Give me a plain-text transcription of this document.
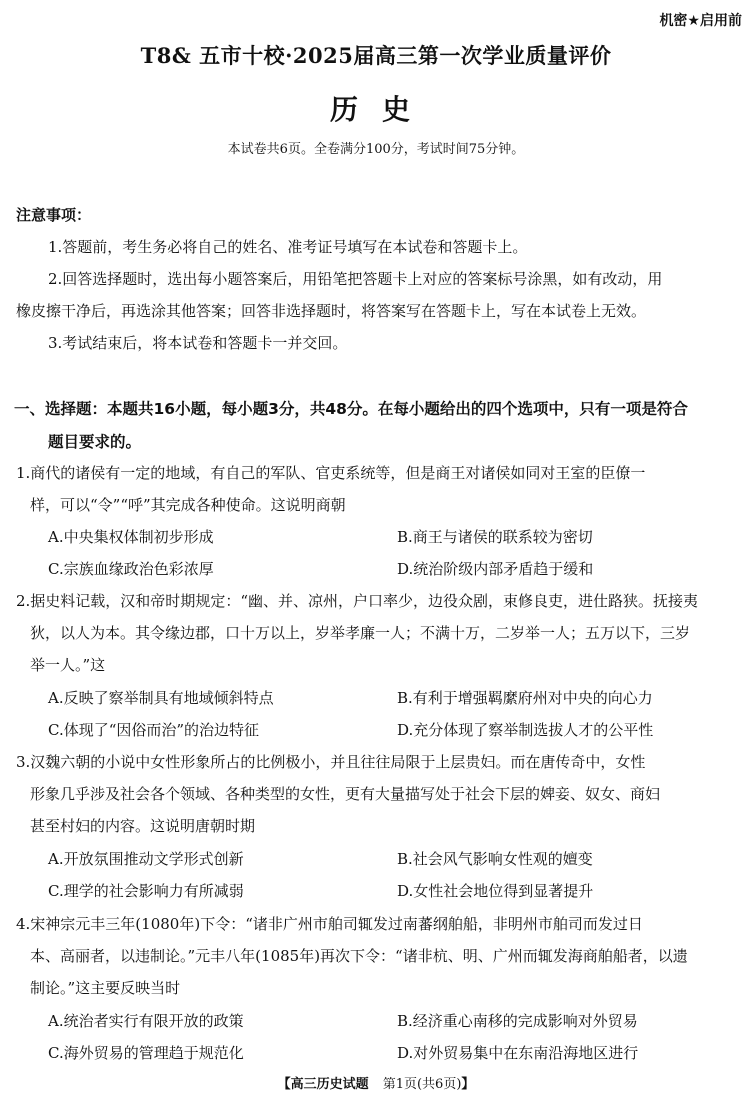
机密★启用前
T8& 五市十校·2025届高三第一次学业质量评价
历史
本试卷共6页。全卷满分100分，考试时间75分钟。
注意事项：
1.答题前，考生务必将自己的姓名、准考证号填写在本试卷和答题卡上。
2.回答选择题时，选出每小题答案后，用铅笔把答题卡上对应的答案标号涂黑，如有改动，用
橡皮擦干净后，再选涂其他答案；回答非选择题时，将答案写在答题卡上，写在本试卷上无效。
3.考试结束后，将本试卷和答题卡一并交回。
一、选择题：本题共16小题，每小题3分，共48分。在每小题给出的四个选项中，只有一项是符合
题目要求的。
1.商代的诸侯有一定的地域，有自己的军队、官吏系统等，但是商王对诸侯如同对王室的臣僚一
样，可以“令”“呼”其完成各种使命。这说明商朝
A.中央集权体制初步形成	B.商王与诸侯的联系较为密切
C.宗族血缘政治色彩浓厚	D.统治阶级内部矛盾趋于缓和
2.据史料记载，汉和帝时期规定：“幽、并、凉州，户口率少，边役众剧，束修良吏，进仕路狭。抚接夷
狄，以人为本。其令缘边郡，口十万以上，岁举孝廉一人；不满十万，二岁举一人；五万以下，三岁
举一人。”这
A.反映了察举制具有地域倾斜特点	B.有利于增强羁縻府州对中央的向心力
C.体现了“因俗而治”的治边特征	D.充分体现了察举制选拔人才的公平性
3.汉魏六朝的小说中女性形象所占的比例极小，并且往往局限于上层贵妇。而在唐传奇中，女性
形象几乎涉及社会各个领域、各种类型的女性，更有大量描写处于社会下层的婢妾、奴女、商妇
甚至村妇的内容。这说明唐朝时期
A.开放氛围推动文学形式创新	B.社会风气影响女性观的嬗变
C.理学的社会影响力有所减弱	D.女性社会地位得到显著提升
4.宋神宗元丰三年(1080年)下令：“诸非广州市舶司辄发过南蕃纲舶船，非明州市舶司而发过日
本、高丽者，以违制论。”元丰八年(1085年)再次下令：“诸非杭、明、广州而辄发海商舶船者，以遗
制论。”这主要反映当时
A.统治者实行有限开放的政策	B.经济重心南移的完成影响对外贸易
C.海外贸易的管理趋于规范化	D.对外贸易集中在东南沿海地区进行
【高三历史试题 第1页(共6页)】
